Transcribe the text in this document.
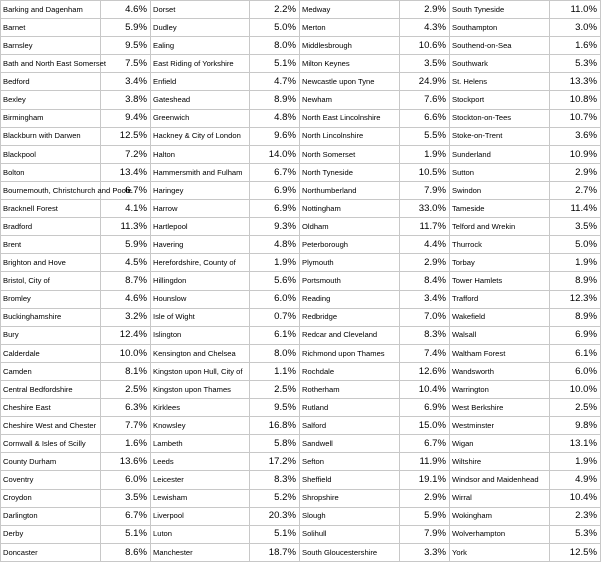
Barking and Dagenham	4.6%	Dorset	2.2%	Medway	2.9%	South Tyneside	11.0%
Barnet	5.9%	Dudley	5.0%	Merton	4.3%	Southampton	3.0%
Barnsley	9.5%	Ealing	8.0%	Middlesbrough	10.6%	Southend-on-Sea	1.6%
Bath and North East Somerset	7.5%	East Riding of Yorkshire	5.1%	Milton Keynes	3.5%	Southwark	5.3%
Bedford	3.4%	Enfield	4.7%	Newcastle upon Tyne	24.9%	St. Helens	13.3%
Bexley	3.8%	Gateshead	8.9%	Newham	7.6%	Stockport	10.8%
Birmingham	9.4%	Greenwich	4.8%	North East Lincolnshire	6.6%	Stockton-on-Tees	10.7%
Blackburn with Darwen	12.5%	Hackney & City of London	9.6%	North Lincolnshire	5.5%	Stoke-on-Trent	3.6%
Blackpool	7.2%	Halton	14.0%	North Somerset	1.9%	Sunderland	10.9%
Bolton	13.4%	Hammersmith and Fulham	6.7%	North Tyneside	10.5%	Sutton	2.9%
Bournemouth, Christchurch and Poole	6.7%	Haringey	6.9%	Northumberland	7.9%	Swindon	2.7%
Bracknell Forest	4.1%	Harrow	6.9%	Nottingham	33.0%	Tameside	11.4%
Bradford	11.3%	Hartlepool	9.3%	Oldham	11.7%	Telford and Wrekin	3.5%
Brent	5.9%	Havering	4.8%	Peterborough	4.4%	Thurrock	5.0%
Brighton and Hove	4.5%	Herefordshire, County of	1.9%	Plymouth	2.9%	Torbay	1.9%
Bristol, City of	8.7%	Hillingdon	5.6%	Portsmouth	8.4%	Tower Hamlets	8.9%
Bromley	4.6%	Hounslow	6.0%	Reading	3.4%	Trafford	12.3%
Buckinghamshire	3.2%	Isle of Wight	0.7%	Redbridge	7.0%	Wakefield	8.9%
Bury	12.4%	Islington	6.1%	Redcar and Cleveland	8.3%	Walsall	6.9%
Calderdale	10.0%	Kensington and Chelsea	8.0%	Richmond upon Thames	7.4%	Waltham Forest	6.1%
Camden	8.1%	Kingston upon Hull, City of	1.1%	Rochdale	12.6%	Wandsworth	6.0%
Central Bedfordshire	2.5%	Kingston upon Thames	2.5%	Rotherham	10.4%	Warrington	10.0%
Cheshire East	6.3%	Kirklees	9.5%	Rutland	6.9%	West Berkshire	2.5%
Cheshire West and Chester	7.7%	Knowsley	16.8%	Salford	15.0%	Westminster	9.8%
Cornwall & Isles of Scilly	1.6%	Lambeth	5.8%	Sandwell	6.7%	Wigan	13.1%
County Durham	13.6%	Leeds	17.2%	Sefton	11.9%	Wiltshire	1.9%
Coventry	6.0%	Leicester	8.3%	Sheffield	19.1%	Windsor and Maidenhead	4.9%
Croydon	3.5%	Lewisham	5.2%	Shropshire	2.9%	Wirral	10.4%
Darlington	6.7%	Liverpool	20.3%	Slough	5.9%	Wokingham	2.3%
Derby	5.1%	Luton	5.1%	Solihull	7.9%	Wolverhampton	5.3%
Doncaster	8.6%	Manchester	18.7%	South Gloucestershire	3.3%	York	12.5%
